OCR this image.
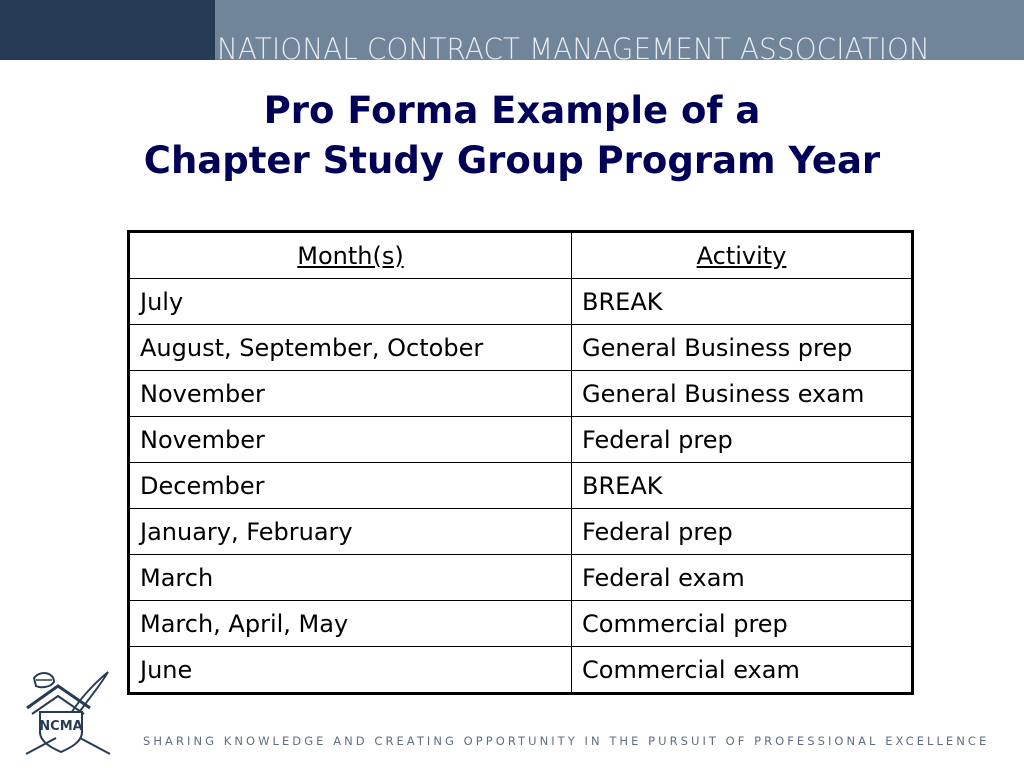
NATIONAL CONTRACT MANAGEMENT ASSOCIATION
Pro Forma Example of a
Chapter Study Group Program Year
Month(s)	Activity
July	BREAK
August, September, October	General Business prep
November	General Business exam
November	Federal prep
December	BREAK
January, February	Federal prep
March	Federal exam
March, April, May	Commercial prep
June	Commercial exam
NCMA
SHARING KNOWLEDGE AND CREATING OPPORTUNITY IN THE PURSUIT OF PROFESSIONAL EXCELLENCE
